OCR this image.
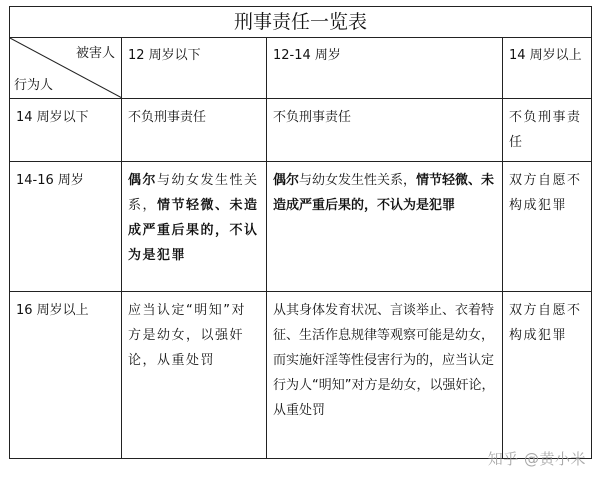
刑事责任一览表			

被害人
行为人	12 周岁以下	12-14 周岁	14 周岁以上
14 周岁以下	不负刑事责任	不负刑事责任	不负刑事责任
14-16 周岁	偶尔与幼女发生性关系，情节轻微、未造成严重后果的，不认为是犯罪	偶尔与幼女发生性关系，情节轻微、未造成严重后果的，不认为是犯罪	双方自愿不构成犯罪
16 周岁以上	应当认定“明知”对方是幼女，以强奸论，从重处罚	从其身体发育状况、言谈举止、衣着特征、生活作息规律等观察可能是幼女，而实施奸淫等性侵害行为的，应当认定行为人“明知”对方是幼女，以强奸论，从重处罚	双方自愿不构成犯罪
知乎 @黄小米
